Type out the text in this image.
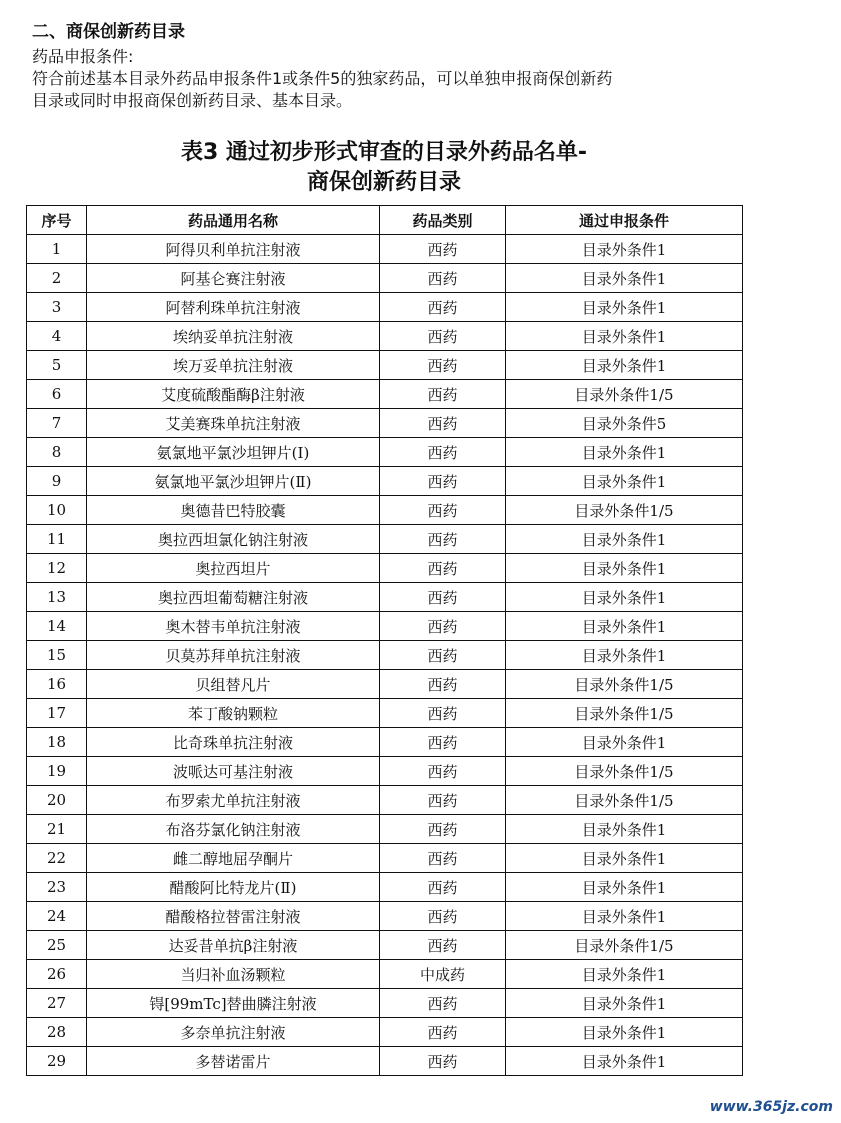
二、商保创新药目录

药品申报条件:

符合前述基本目录外药品申报条件1或条件5的独家药品，可以单独申报商保创新药

目录或同时申报商保创新药目录、基本目录。

表3 通过初步形式审查的目录外药品名单-
商保创新药目录
序号	药品通用名称	药品类别	通过申报条件
1	阿得贝利单抗注射液	西药	目录外条件1
2	阿基仑赛注射液	西药	目录外条件1
3	阿替利珠单抗注射液	西药	目录外条件1
4	埃纳妥单抗注射液	西药	目录外条件1
5	埃万妥单抗注射液	西药	目录外条件1
6	艾度硫酸酯酶β注射液	西药	目录外条件1/5
7	艾美赛珠单抗注射液	西药	目录外条件5
8	氨氯地平氯沙坦钾片(Ⅰ)	西药	目录外条件1
9	氨氯地平氯沙坦钾片(Ⅱ)	西药	目录外条件1
10	奥德昔巴特胶囊	西药	目录外条件1/5
11	奥拉西坦氯化钠注射液	西药	目录外条件1
12	奥拉西坦片	西药	目录外条件1
13	奥拉西坦葡萄糖注射液	西药	目录外条件1
14	奥木替韦单抗注射液	西药	目录外条件1
15	贝莫苏拜单抗注射液	西药	目录外条件1
16	贝组替凡片	西药	目录外条件1/5
17	苯丁酸钠颗粒	西药	目录外条件1/5
18	比奇珠单抗注射液	西药	目录外条件1
19	波哌达可基注射液	西药	目录外条件1/5
20	布罗索尤单抗注射液	西药	目录外条件1/5
21	布洛芬氯化钠注射液	西药	目录外条件1
22	雌二醇地屈孕酮片	西药	目录外条件1
23	醋酸阿比特龙片(Ⅱ)	西药	目录外条件1
24	醋酸格拉替雷注射液	西药	目录外条件1
25	达妥昔单抗β注射液	西药	目录外条件1/5
26	当归补血汤颗粒	中成药	目录外条件1
27	锝[99mTc]替曲膦注射液	西药	目录外条件1
28	多奈单抗注射液	西药	目录外条件1
29	多替诺雷片	西药	目录外条件1
www.365jz.com
